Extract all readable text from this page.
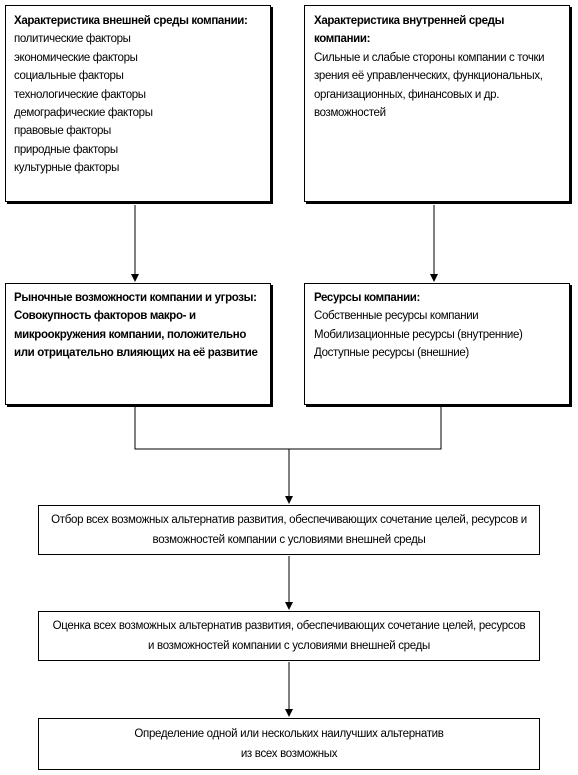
Характеристика внешней среды компании:
политические факторы
экономические факторы
социальные факторы
технологические факторы
демографические факторы
правовые факторы
природные факторы
культурные факторы
Характеристика внутренней среды компании:
Сильные и слабые стороны компании с точки зрения её управленческих, функциональных, организационных, финансовых и др. возможностей
Рыночные возможности компании и угрозы:
Совокупность факторов макро- и микроокружения компании, положительно или отрицательно влияющих на её развитие
Ресурсы компании:
Собственные ресурсы компании
Мобилизационные ресурсы (внутренние)
Доступные ресурсы (внешние)
Отбор всех возможных альтернатив развития, обеспечивающих сочетание целей, ресурсов и возможностей компании с условиями внешней среды
Оценка всех возможных альтернатив развития, обеспечивающих сочетание целей, ресурсов и возможностей компании с условиями внешней среды
Определение одной или нескольких наилучших альтернатив из всех возможных
